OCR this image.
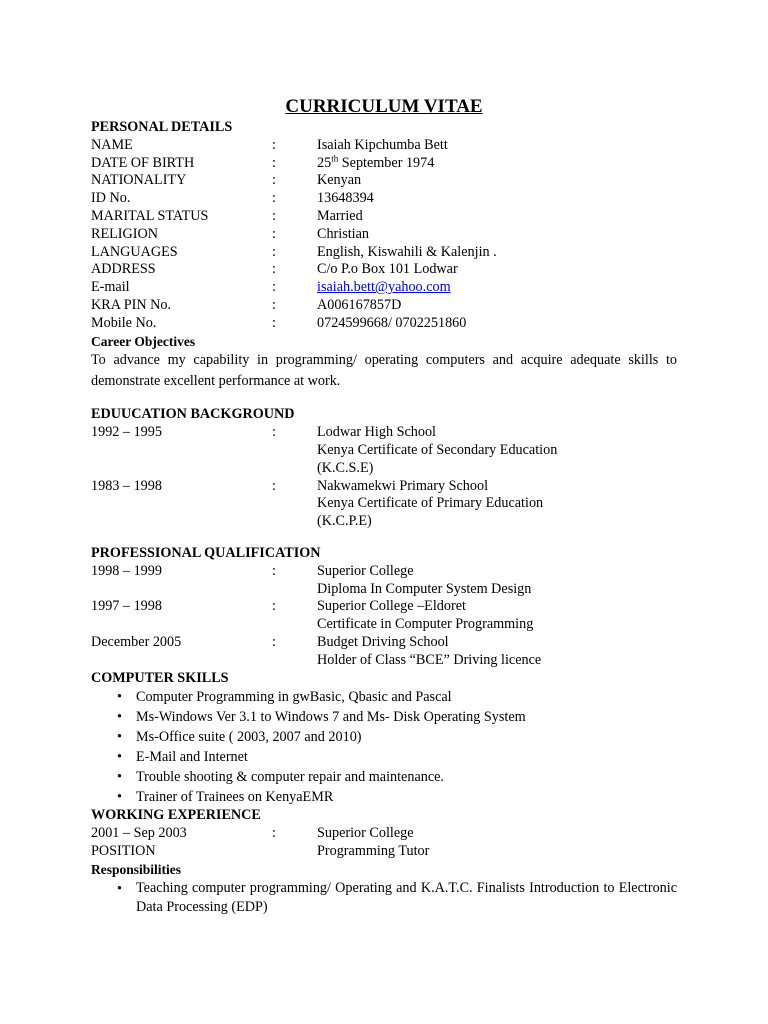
CURRICULUM VITAE
PERSONAL DETAILS
NAME	:	Isaiah Kipchumba Bett
DATE OF BIRTH	:	25th September 1974
NATIONALITY	:	Kenyan
ID No.	:	13648394
MARITAL STATUS	:	Married
RELIGION	:	Christian
LANGUAGES	:	English, Kiswahili & Kalenjin .
ADDRESS	:	C/o P.o Box 101 Lodwar
E-mail	:	isaiah.bett@yahoo.com
KRA PIN No.	:	A006167857D
Mobile No.	:	0724599668/ 0702251860
Career Objectives
To advance my capability in programming/ operating computers and acquire adequate skills to demonstrate excellent performance at work.
EDUUCATION BACKGROUND
1992 – 1995	:	Lodwar High School
Kenya Certificate of Secondary Education
(K.C.S.E)
1983 – 1998	:	Nakwamekwi Primary School
Kenya Certificate of Primary Education
(K.C.P.E)
PROFESSIONAL QUALIFICATION
1998 – 1999	:	Superior College
Diploma In Computer System Design
1997 – 1998	:	Superior College –Eldoret
Certificate in Computer Programming
December 2005	:	Budget Driving School
Holder of Class “BCE” Driving licence
COMPUTER SKILLS
• Computer Programming in gwBasic, Qbasic and Pascal
• Ms-Windows Ver 3.1 to Windows 7 and Ms- Disk Operating System
• Ms-Office suite ( 2003, 2007 and 2010)
• E-Mail and Internet
• Trouble shooting & computer repair and maintenance.
• Trainer of Trainees on KenyaEMR
WORKING EXPERIENCE
2001 – Sep 2003	:	Superior College
POSITION	Programming Tutor
Responsibilities
• Teaching computer programming/ Operating and K.A.T.C. Finalists Introduction to Electronic Data Processing (EDP)
